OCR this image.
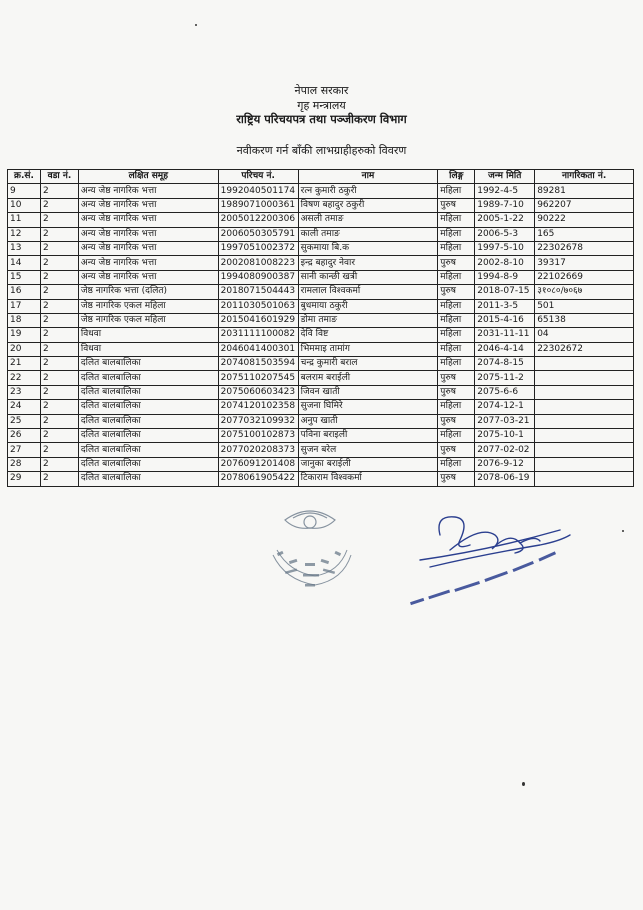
नेपाल सरकार
गृह मन्त्रालय
राष्ट्रिय परिचयपत्र तथा पञ्जीकरण विभाग
नवीकरण गर्न बाँकी लाभग्राहीहरुको विवरण
क्र.सं.	वडा नं.	लक्षित समूह	परिचय नं.	नाम	लिङ्ग	जन्म मिति	नागरिकता नं.
9	2	अन्य जेष्ठ नागरिक भत्ता	1992040501174	रत्न कुमारी ठकुरी	महिला	1992-4-5	89281
10	2	अन्य जेष्ठ नागरिक भत्ता	1989071000361	विषण बहादुर ठकुरी	पुरुष	1989-7-10	962207
11	2	अन्य जेष्ठ नागरिक भत्ता	2005012200306	असली तमाङ	महिला	2005-1-22	90222
12	2	अन्य जेष्ठ नागरिक भत्ता	2006050305791	काली तमाङ	महिला	2006-5-3	165
13	2	अन्य जेष्ठ नागरिक भत्ता	1997051002372	सुकमाया बि.क	महिला	1997-5-10	22302678
14	2	अन्य जेष्ठ नागरिक भत्ता	2002081008223	इन्द्र बहादुर नेवार	पुरुष	2002-8-10	39317
15	2	अन्य जेष्ठ नागरिक भत्ता	1994080900387	सानी कान्छी खत्री	महिला	1994-8-9	22102669
16	2	जेष्ठ नागरिक भत्ता (दलित)	2018071504443	रामलाल विश्वकर्मा	पुरुष	2018-07-15	३१०८०/७०६७
17	2	जेष्ठ नागरिक एकल महिला	2011030501063	बुधमाया ठकुरी	महिला	2011-3-5	501
18	2	जेष्ठ नागरिक एकल महिला	2015041601929	डोमा तमाङ	महिला	2015-4-16	65138
19	2	विधवा	2031111100082	देवि विष्ट	महिला	2031-11-11	04
20	2	विधवा	2046041400301	भिममाइ तामांग	महिला	2046-4-14	22302672
21	2	दलित बालबालिका	2074081503594	चन्द्र कुमारी बराल	महिला	2074-8-15	
22	2	दलित बालबालिका	2075110207545	बलराम बराईली	पुरुष	2075-11-2	
23	2	दलित बालबालिका	2075060603423	जिवन खाती	पुरुष	2075-6-6	
24	2	दलित बालबालिका	2074120102358	सुजना घिमिरे	महिला	2074-12-1	
25	2	दलित बालबालिका	2077032109932	अनुप खाती	पुरुष	2077-03-21	
26	2	दलित बालबालिका	2075100102873	पविना बराइली	महिला	2075-10-1	
27	2	दलित बालबालिका	2077020208373	सुजन बरेल	पुरुष	2077-02-02	
28	2	दलित बालबालिका	2076091201408	जानुका बराईली	महिला	2076-9-12	
29	2	दलित बालबालिका	2078061905422	टिकाराम विश्वकर्मा	पुरुष	2078-06-19	
